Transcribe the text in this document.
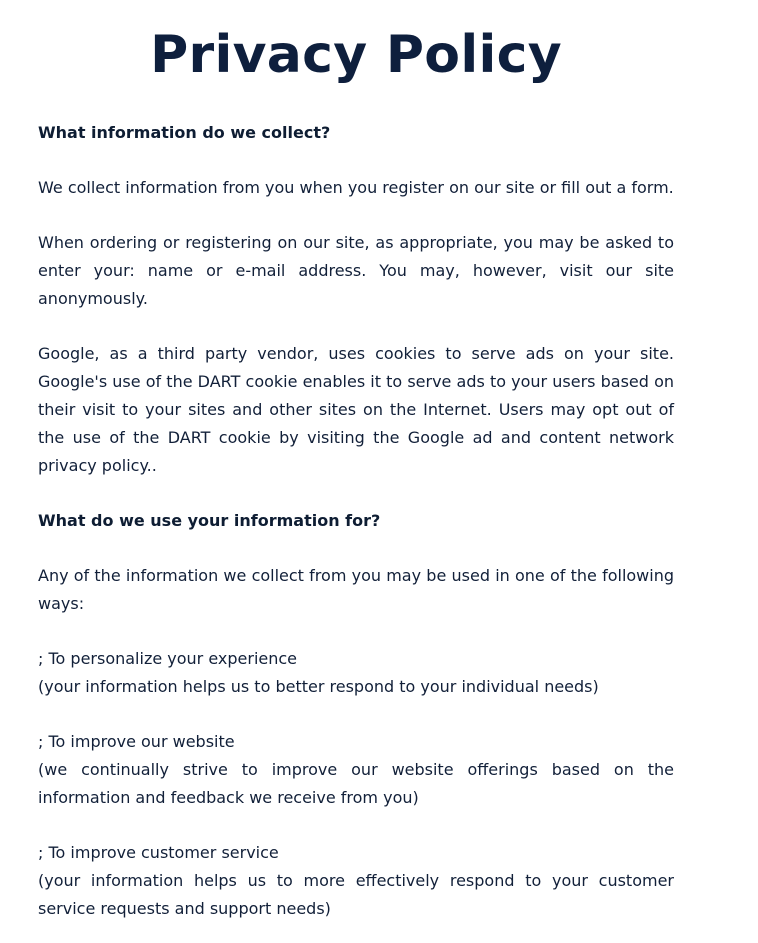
Privacy Policy
What information do we collect?

We collect information from you when you register on our site or fill out a form.

When ordering or registering on our site, as appropriate, you may be asked to enter your: name or e-mail address. You may, however, visit our site anonymously.

Google, as a third party vendor, uses cookies to serve ads on your site. Google's use of the DART cookie enables it to serve ads to your users based on their visit to your sites and other sites on the Internet. Users may opt out of the use of the DART cookie by visiting the Google ad and content network privacy policy..

What do we use your information for?

Any of the information we collect from you may be used in one of the following ways:

; To personalize your experience
(your information helps us to better respond to your individual needs)
; To improve our website
(we continually strive to improve our website offerings based on the information and feedback we receive from you)
; To improve customer service
(your information helps us to more effectively respond to your customer service requests and support needs)
